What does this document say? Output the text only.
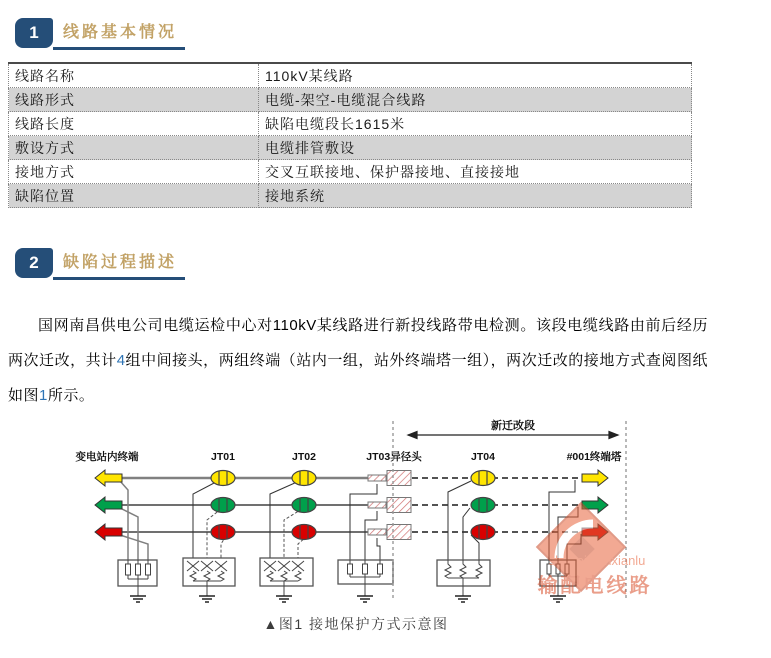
1	线路基本情况
线路名称	110kV某线路
线路形式	电缆-架空-电缆混合线路
线路长度	缺陷电缆段长1615米
敷设方式	电缆排管敷设
接地方式	交叉互联接地、保护器接地、直接接地
缺陷位置	接地系统
2	缺陷过程描述

国网南昌供电公司电缆运检中心对110kV某线路进行新投线路带电检测。该段电缆线路由前后经历两次迁改，共计4组中间接头，两组终端（站内一组，站外终端塔一组），两次迁改的接地方式查阅图纸如图1所示。

新迁改段
变电站内终端	JT01	JT02	JT03异径头	JT04	#001终端塔
shupeidianxianlu
输配电线路
▲图1 接地保护方式示意图
